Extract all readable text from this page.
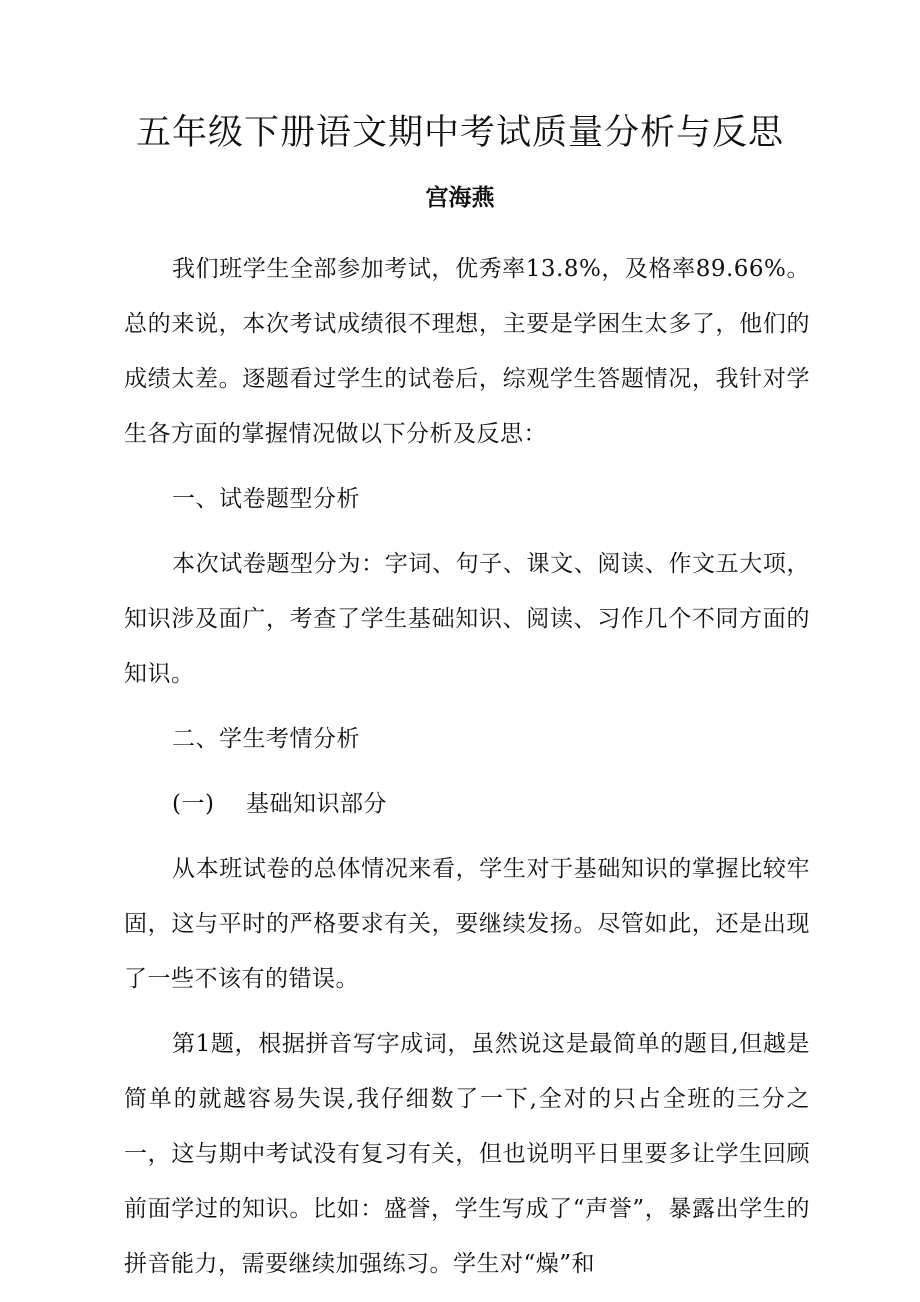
五年级下册语文期中考试质量分析与反思
宫海燕

我们班学生全部参加考试，优秀率13.8%，及格率89.66%。总的来说，本次考试成绩很不理想，主要是学困生太多了，他们的成绩太差。逐题看过学生的试卷后，综观学生答题情况，我针对学生各方面的掌握情况做以下分析及反思：

一、试卷题型分析

本次试卷题型分为：字词、句子、课文、阅读、作文五大项，知识涉及面广，考查了学生基础知识、阅读、习作几个不同方面的知识。

二、学生考情分析

(一) 基础知识部分

从本班试卷的总体情况来看，学生对于基础知识的掌握比较牢固，这与平时的严格要求有关，要继续发扬。尽管如此，还是出现了一些不该有的错误。

第1题，根据拼音写字成词，虽然说这是最简单的题目,但越是简单的就越容易失误,我仔细数了一下,全对的只占全班的三分之一，这与期中考试没有复习有关，但也说明平日里要多让学生回顾前面学过的知识。比如：盛誉，学生写成了“声誉”，暴露出学生的拼音能力，需要继续加强练习。学生对“燥”和
